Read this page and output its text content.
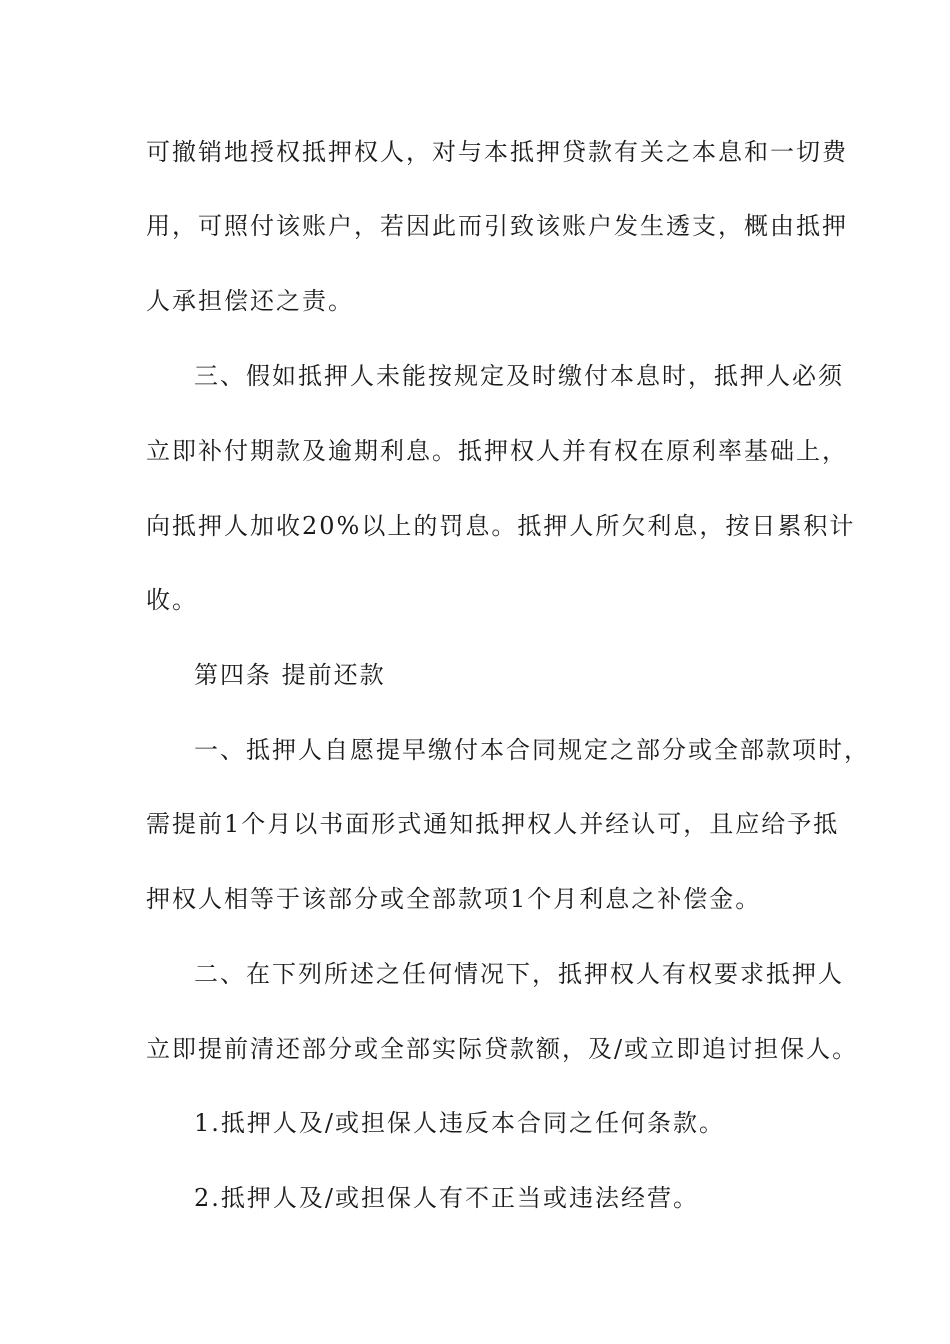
可撤销地授权抵押权人，对与本抵押贷款有关之本息和一切费

用，可照付该账户，若因此而引致该账户发生透支，概由抵押

人承担偿还之责。

三、假如抵押人未能按规定及时缴付本息时，抵押人必须

立即补付期款及逾期利息。抵押权人并有权在原利率基础上，

向抵押人加收20%以上的罚息。抵押人所欠利息，按日累积计

收。

第四条 提前还款

一、抵押人自愿提早缴付本合同规定之部分或全部款项时，

需提前1个月以书面形式通知抵押权人并经认可，且应给予抵

押权人相等于该部分或全部款项1个月利息之补偿金。

二、在下列所述之任何情况下，抵押权人有权要求抵押人

立即提前清还部分或全部实际贷款额，及/或立即追讨担保人。

1.抵押人及/或担保人违反本合同之任何条款。

2.抵押人及/或担保人有不正当或违法经营。
